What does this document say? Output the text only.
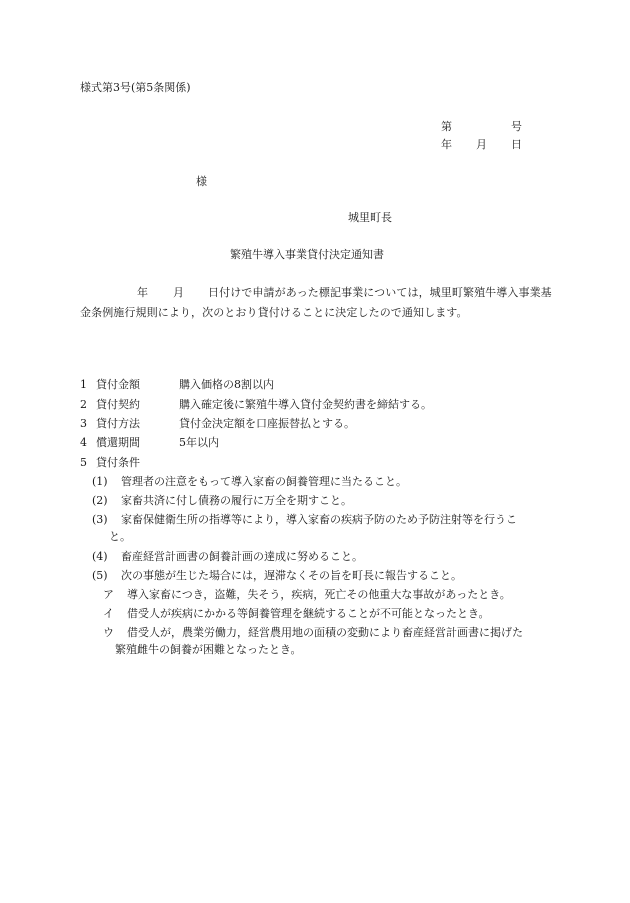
様式第3号(第5条関係)
第	号
年 月 日
様
城里町長
繁殖牛導入事業貸付決定通知書
年 月	日付けで申請があった標記事業については，城里町繁殖牛導入事業基金条例施行規則により，次のとおり貸付けることに決定したので通知します。
1 貸付金額	購入価格の8割以内
2 貸付契約	購入確定後に繁殖牛導入貸付金契約書を締結する。
3 貸付方法	貸付金決定額を口座振替払とする。
4 償還期間	5年以内
5 貸付条件
(1) 管理者の注意をもって導入家畜の飼養管理に当たること。
(2) 家畜共済に付し債務の履行に万全を期すこと。
(3) 家畜保健衛生所の指導等により，導入家畜の疾病予防のため予防注射等を行うこ
と。
(4) 畜産経営計画書の飼養計画の達成に努めること。
(5) 次の事態が生じた場合には，遅滞なくその旨を町長に報告すること。
ア 導入家畜につき，盗難，失そう，疾病，死亡その他重大な事故があったとき。
イ 借受人が疾病にかかる等飼養管理を継続することが不可能となったとき。
ウ 借受人が，農業労働力，経営農用地の面積の変動により畜産経営計画書に掲げた
繁殖雌牛の飼養が困難となったとき。
